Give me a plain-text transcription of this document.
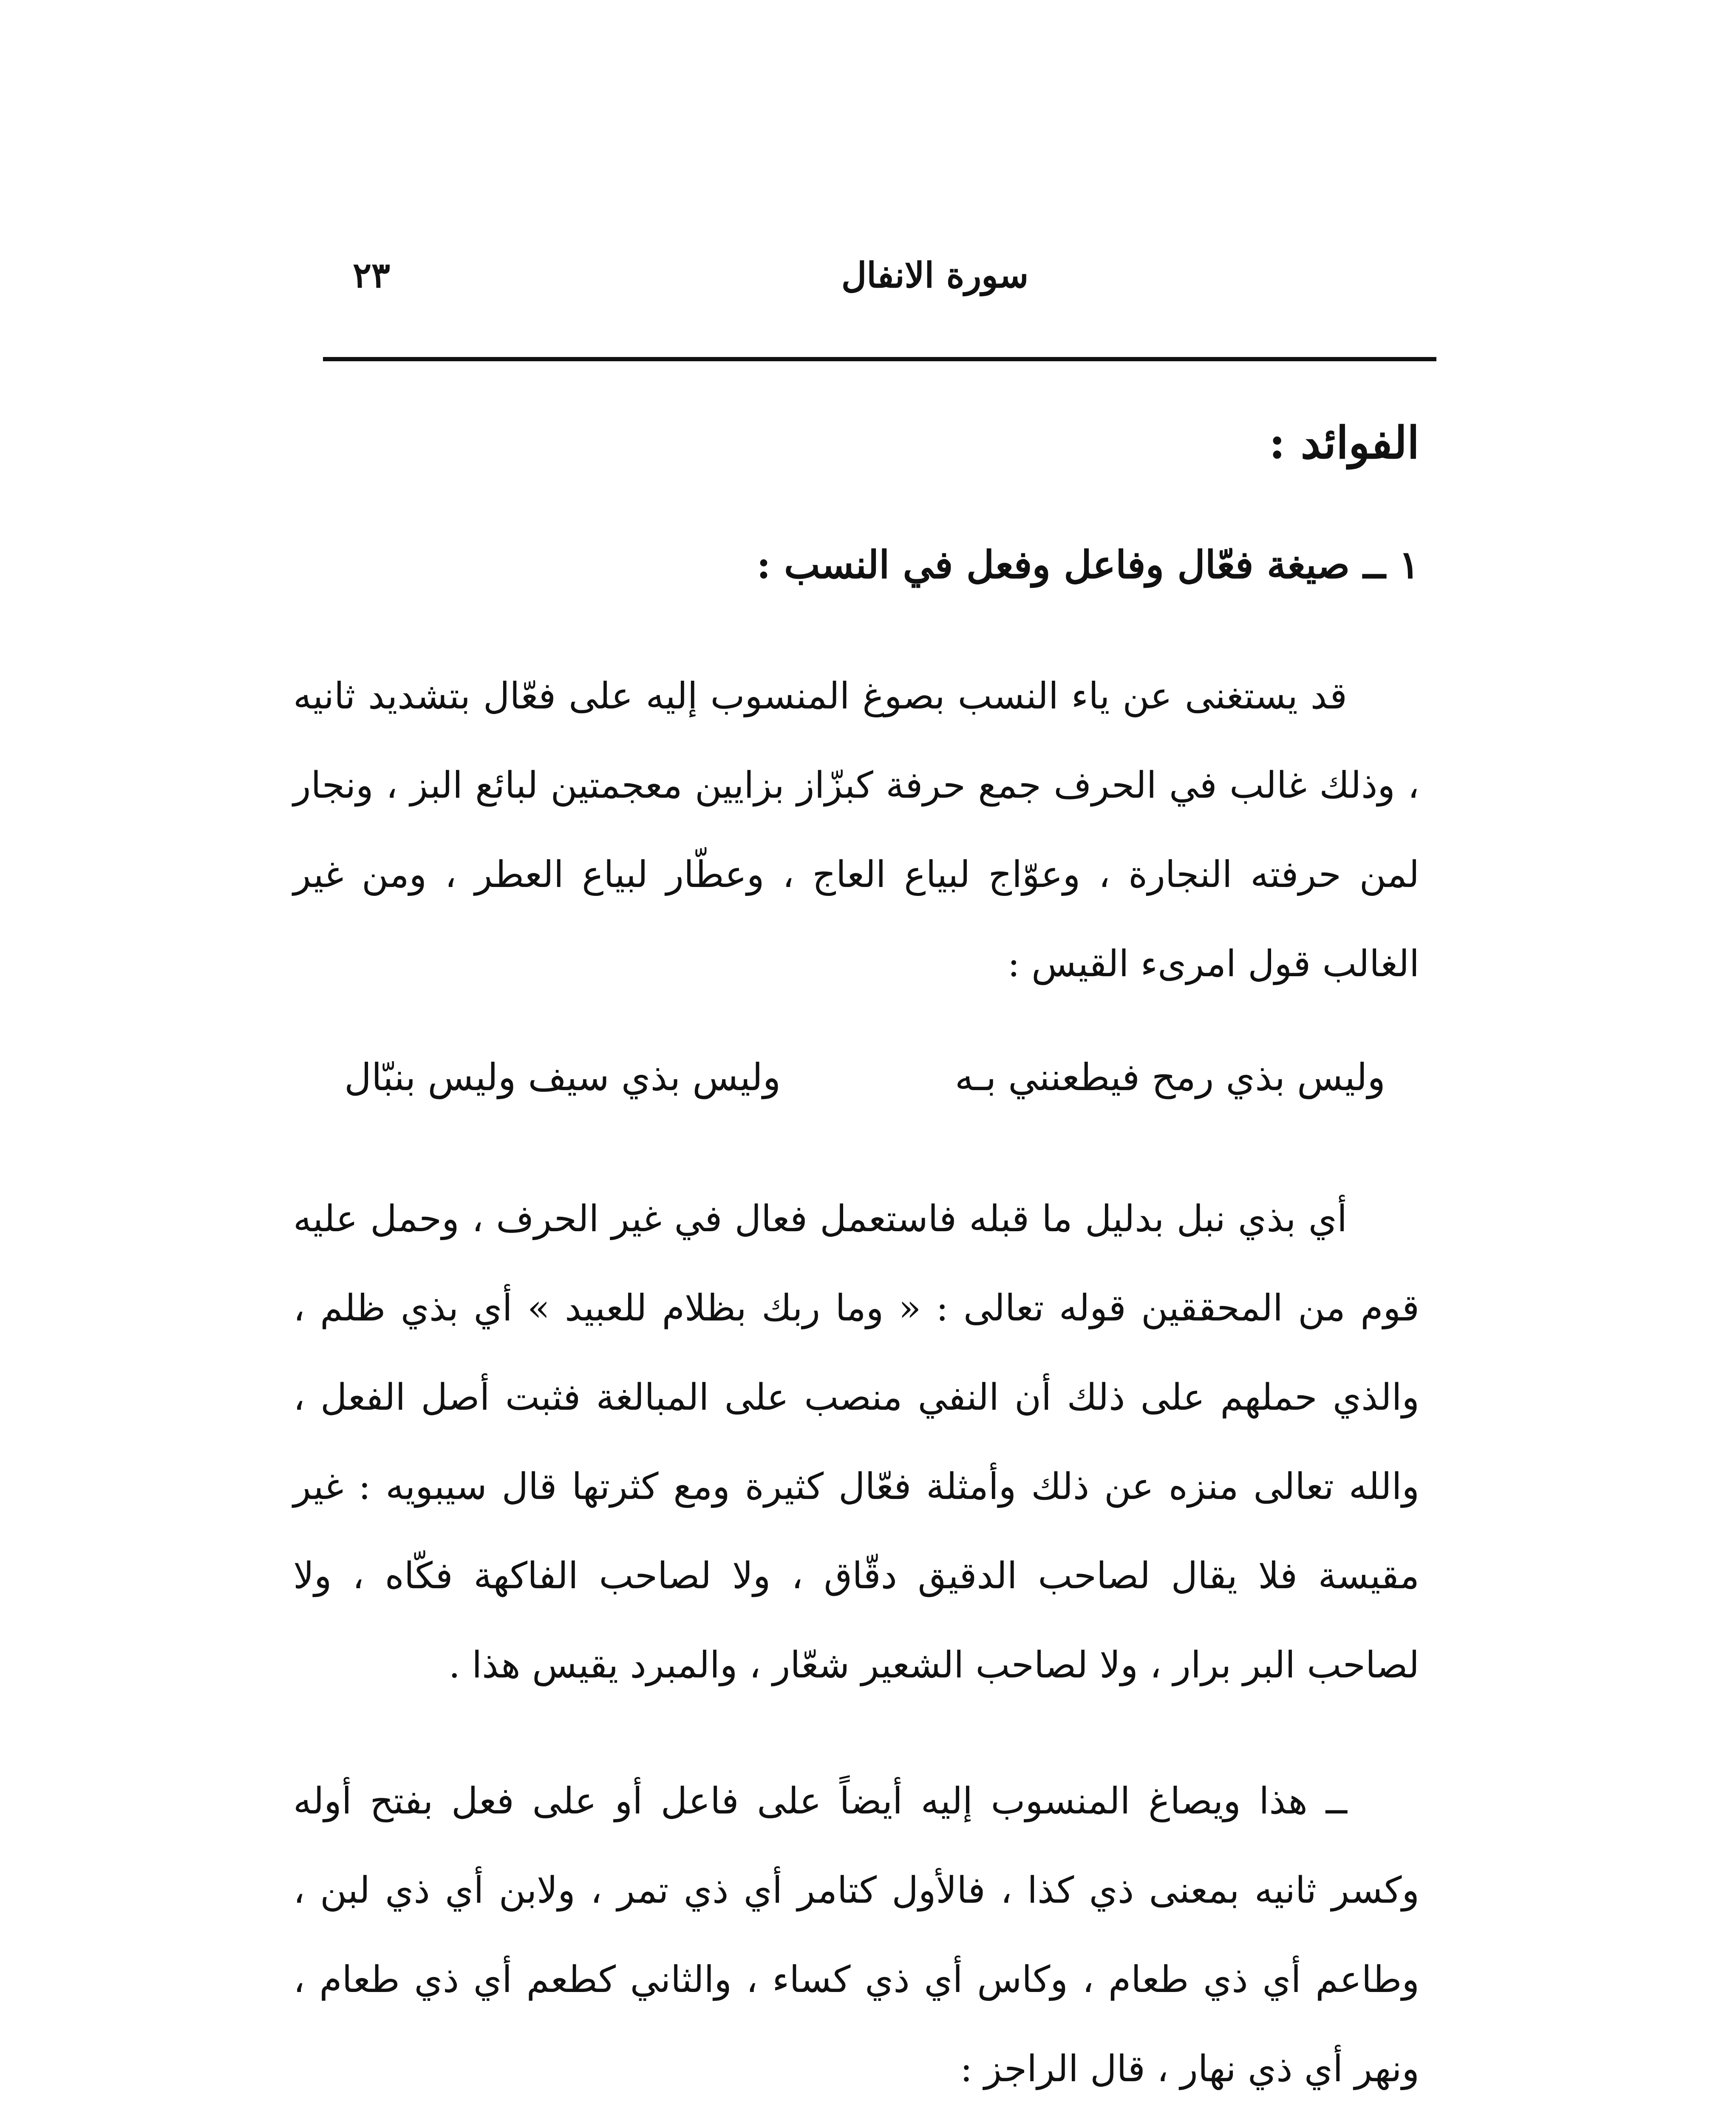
٢٣	سورة الانفال
الفوائد :
١ ــ صيغة فعّال وفاعل وفعل في النسب :

قد يستغنى عن ياء النسب بصوغ المنسوب إليه على فعّال بتشديد ثانيه ، وذلك غالب في الحرف جمع حرفة كبزّاز بزايين معجمتين لبائع البز ، ونجار لمن حرفته النجارة ، وعوّاج لبياع العاج ، وعطّار لبياع العطر ، ومن غير الغالب قول امرىء القيس :

وليس بذي رمح فيطعنني بـه
وليس بذي سيف وليس بنبّال

أي بذي نبل بدليل ما قبله فاستعمل فعال في غير الحرف ، وحمل عليه قوم من المحققين قوله تعالى : « وما ربك بظلام للعبيد » أي بذي ظلم ، والذي حملهم على ذلك أن النفي منصب على المبالغة فثبت أصل الفعل ، والله تعالى منزه عن ذلك وأمثلة فعّال كثيرة ومع كثرتها قال سيبويه : غير مقيسة فلا يقال لصاحب الدقيق دقّاق ، ولا لصاحب الفاكهة فكّاه ، ولا لصاحب البر برار ، ولا لصاحب الشعير شعّار ، والمبرد يقيس هذا .

ــ هذا ويصاغ المنسوب إليه أيضاً على فاعل أو على فعل بفتح أوله وكسر ثانيه بمعنى ذي كذا ، فالأول كتامر أي ذي تمر ، ولابن أي ذي لبن ، وطاعم أي ذي طعام ، وكاس أي ذي كساء ، والثاني كطعم أي ذي طعام ، ونهر أي ذي نهار ، قال الراجز :
